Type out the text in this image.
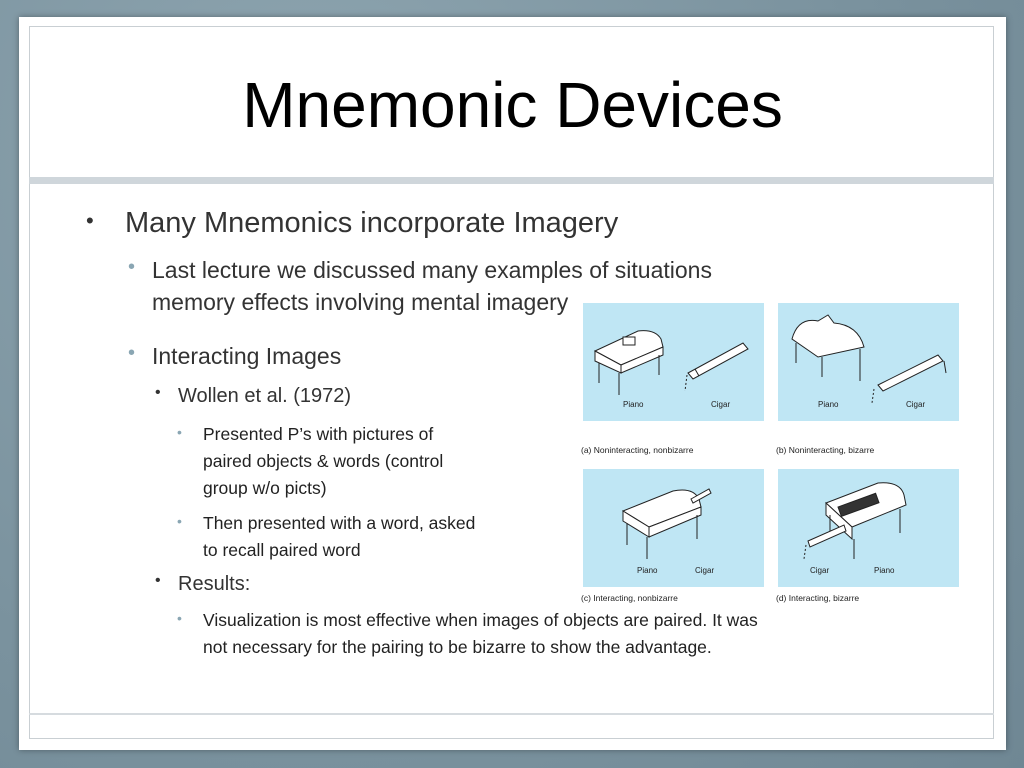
Mnemonic Devices
• Many Mnemonics incorporate Imagery
• Last lecture we discussed many examples of situations
memory effects involving mental imagery
• Interacting Images
• Wollen et al. (1972)
• Presented P’s with pictures of
paired objects & words (control
group w/o picts)
• Then presented with a word, asked
to recall paired word
• Results:
• Visualization is most effective when images of objects are paired. It was
not necessary for the pairing to be bizarre to show the advantage.
Piano	Cigar
(a) Noninteracting, nonbizarre
Piano	Cigar
(b) Noninteracting, bizarre
Piano	Cigar
(c) Interacting, nonbizarre
Cigar	Piano
(d) Interacting, bizarre
